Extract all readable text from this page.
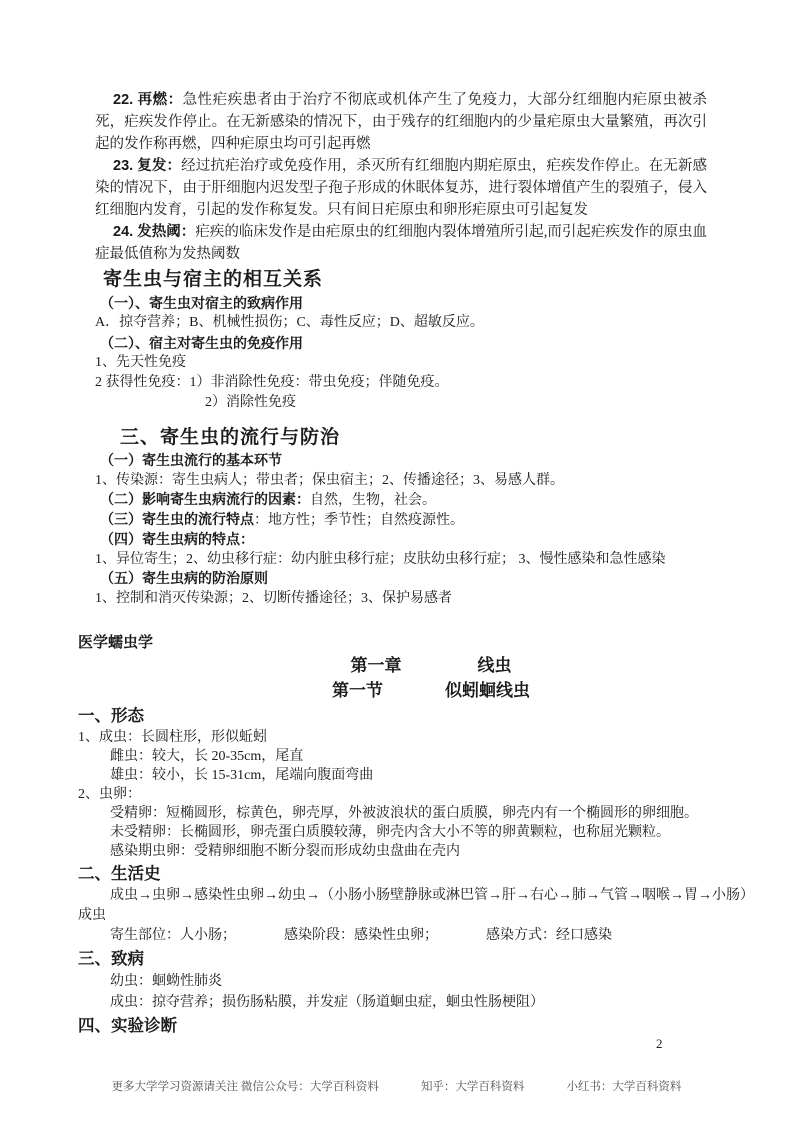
22. 再燃：急性疟疾患者由于治疗不彻底或机体产生了免疫力，大部分红细胞内疟原虫被杀死，疟疾发作停止。在无新感染的情况下，由于残存的红细胞内的少量疟原虫大量繁殖，再次引起的发作称再燃，四种疟原虫均可引起再燃

23. 复发：经过抗疟治疗或免疫作用，杀灭所有红细胞内期疟原虫，疟疾发作停止。在无新感染的情况下，由于肝细胞内迟发型子孢子形成的休眠体复苏，进行裂体增值产生的裂殖子，侵入红细胞内发育，引起的发作称复发。只有间日疟原虫和卵形疟原虫可引起复发

24. 发热阈：疟疾的临床发作是由疟原虫的红细胞内裂体增殖所引起,而引起疟疾发作的原虫血症最低值称为发热阈数

寄生虫与宿主的相互关系

（一）、寄生虫对宿主的致病作用

A．掠夺营养；B、机械性损伤；C、毒性反应；D、超敏反应。

（二）、宿主对寄生虫的免疫作用

1、先天性免疫

2 获得性免疫：1）非消除性免疫：带虫免疫；伴随免疫。

2）消除性免疫

三、寄生虫的流行与防治

（一）寄生虫流行的基本环节

1、传染源：寄生虫病人；带虫者；保虫宿主；2、传播途径；3、易感人群。

（二）影响寄生虫病流行的因素：自然，生物，社会。

（三）寄生虫的流行特点：地方性；季节性；自然疫源性。

（四）寄生虫病的特点：

1、异位寄生；2、幼虫移行症：幼内脏虫移行症；皮肤幼虫移行症； 3、慢性感染和急性感染

（五）寄生虫病的防治原则

1、控制和消灭传染源；2、切断传播途径；3、保护易感者

医学蠕虫学

第一章	线虫

第一节	似蚓蛔线虫

一、形态

1、成虫：长圆柱形，形似蚯蚓

雌虫：较大，长 20-35cm，尾直

雄虫：较小，长 15-31cm，尾端向腹面弯曲

2、虫卵：

受精卵：短椭圆形，棕黄色，卵壳厚，外被波浪状的蛋白质膜，卵壳内有一个椭圆形的卵细胞。

未受精卵：长椭圆形，卵壳蛋白质膜较薄，卵壳内含大小不等的卵黄颗粒，也称屈光颗粒。

感染期虫卵：受精卵细胞不断分裂而形成幼虫盘曲在壳内

二、生活史

成虫→虫卵→感染性虫卵→幼虫→（小肠小肠壁静脉或淋巴管→肝→右心→肺→气管→咽喉→胃→小肠）

成虫

寄生部位：人小肠；	感染阶段：感染性虫卵；	感染方式：经口感染

三、致病

幼虫：蛔蚴性肺炎

成虫：掠夺营养；损伤肠粘膜，并发症（肠道蛔虫症，蛔虫性肠梗阻）

四、实验诊断
2
更多大学学习资源请关注 微信公众号：大学百科资料	知乎：大学百科资料	小红书：大学百科资料
